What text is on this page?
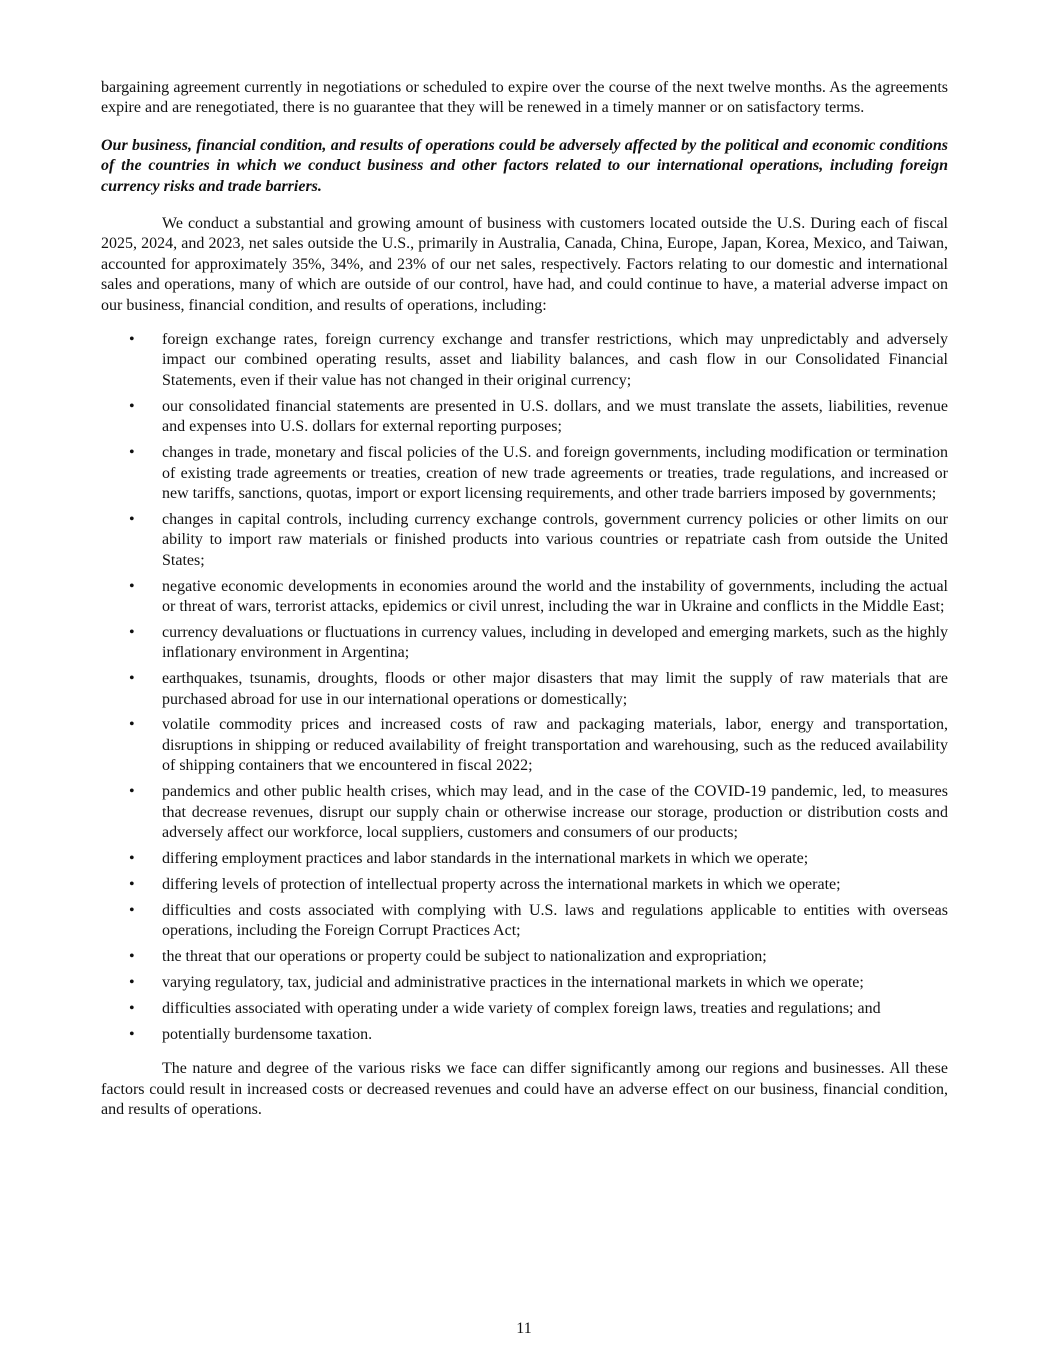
bargaining agreement currently in negotiations or scheduled to expire over the course of the next twelve months. As the agreements expire and are renegotiated, there is no guarantee that they will be renewed in a timely manner or on satisfactory terms.

Our business, financial condition, and results of operations could be adversely affected by the political and economic conditions of the countries in which we conduct business and other factors related to our international operations, including foreign currency risks and trade barriers.

We conduct a substantial and growing amount of business with customers located outside the U.S. During each of fiscal 2025, 2024, and 2023, net sales outside the U.S., primarily in Australia, Canada, China, Europe, Japan, Korea, Mexico, and Taiwan, accounted for approximately 35%, 34%, and 23% of our net sales, respectively. Factors relating to our domestic and international sales and operations, many of which are outside of our control, have had, and could continue to have, a material adverse impact on our business, financial condition, and results of operations, including:

• foreign exchange rates, foreign currency exchange and transfer restrictions, which may unpredictably and adversely impact our combined operating results, asset and liability balances, and cash flow in our Consolidated Financial Statements, even if their value has not changed in their original currency;
• our consolidated financial statements are presented in U.S. dollars, and we must translate the assets, liabilities, revenue and expenses into U.S. dollars for external reporting purposes;
• changes in trade, monetary and fiscal policies of the U.S. and foreign governments, including modification or termination of existing trade agreements or treaties, creation of new trade agreements or treaties, trade regulations, and increased or new tariffs, sanctions, quotas, import or export licensing requirements, and other trade barriers imposed by governments;
• changes in capital controls, including currency exchange controls, government currency policies or other limits on our ability to import raw materials or finished products into various countries or repatriate cash from outside the United States;
• negative economic developments in economies around the world and the instability of governments, including the actual or threat of wars, terrorist attacks, epidemics or civil unrest, including the war in Ukraine and conflicts in the Middle East;
• currency devaluations or fluctuations in currency values, including in developed and emerging markets, such as the highly inflationary environment in Argentina;
• earthquakes, tsunamis, droughts, floods or other major disasters that may limit the supply of raw materials that are purchased abroad for use in our international operations or domestically;
• volatile commodity prices and increased costs of raw and packaging materials, labor, energy and transportation, disruptions in shipping or reduced availability of freight transportation and warehousing, such as the reduced availability of shipping containers that we encountered in fiscal 2022;
• pandemics and other public health crises, which may lead, and in the case of the COVID-19 pandemic, led, to measures that decrease revenues, disrupt our supply chain or otherwise increase our storage, production or distribution costs and adversely affect our workforce, local suppliers, customers and consumers of our products;
• differing employment practices and labor standards in the international markets in which we operate;
• differing levels of protection of intellectual property across the international markets in which we operate;
• difficulties and costs associated with complying with U.S. laws and regulations applicable to entities with overseas operations, including the Foreign Corrupt Practices Act;
• the threat that our operations or property could be subject to nationalization and expropriation;
• varying regulatory, tax, judicial and administrative practices in the international markets in which we operate;
• difficulties associated with operating under a wide variety of complex foreign laws, treaties and regulations; and
• potentially burdensome taxation.

The nature and degree of the various risks we face can differ significantly among our regions and businesses. All these factors could result in increased costs or decreased revenues and could have an adverse effect on our business, financial condition, and results of operations.

11
